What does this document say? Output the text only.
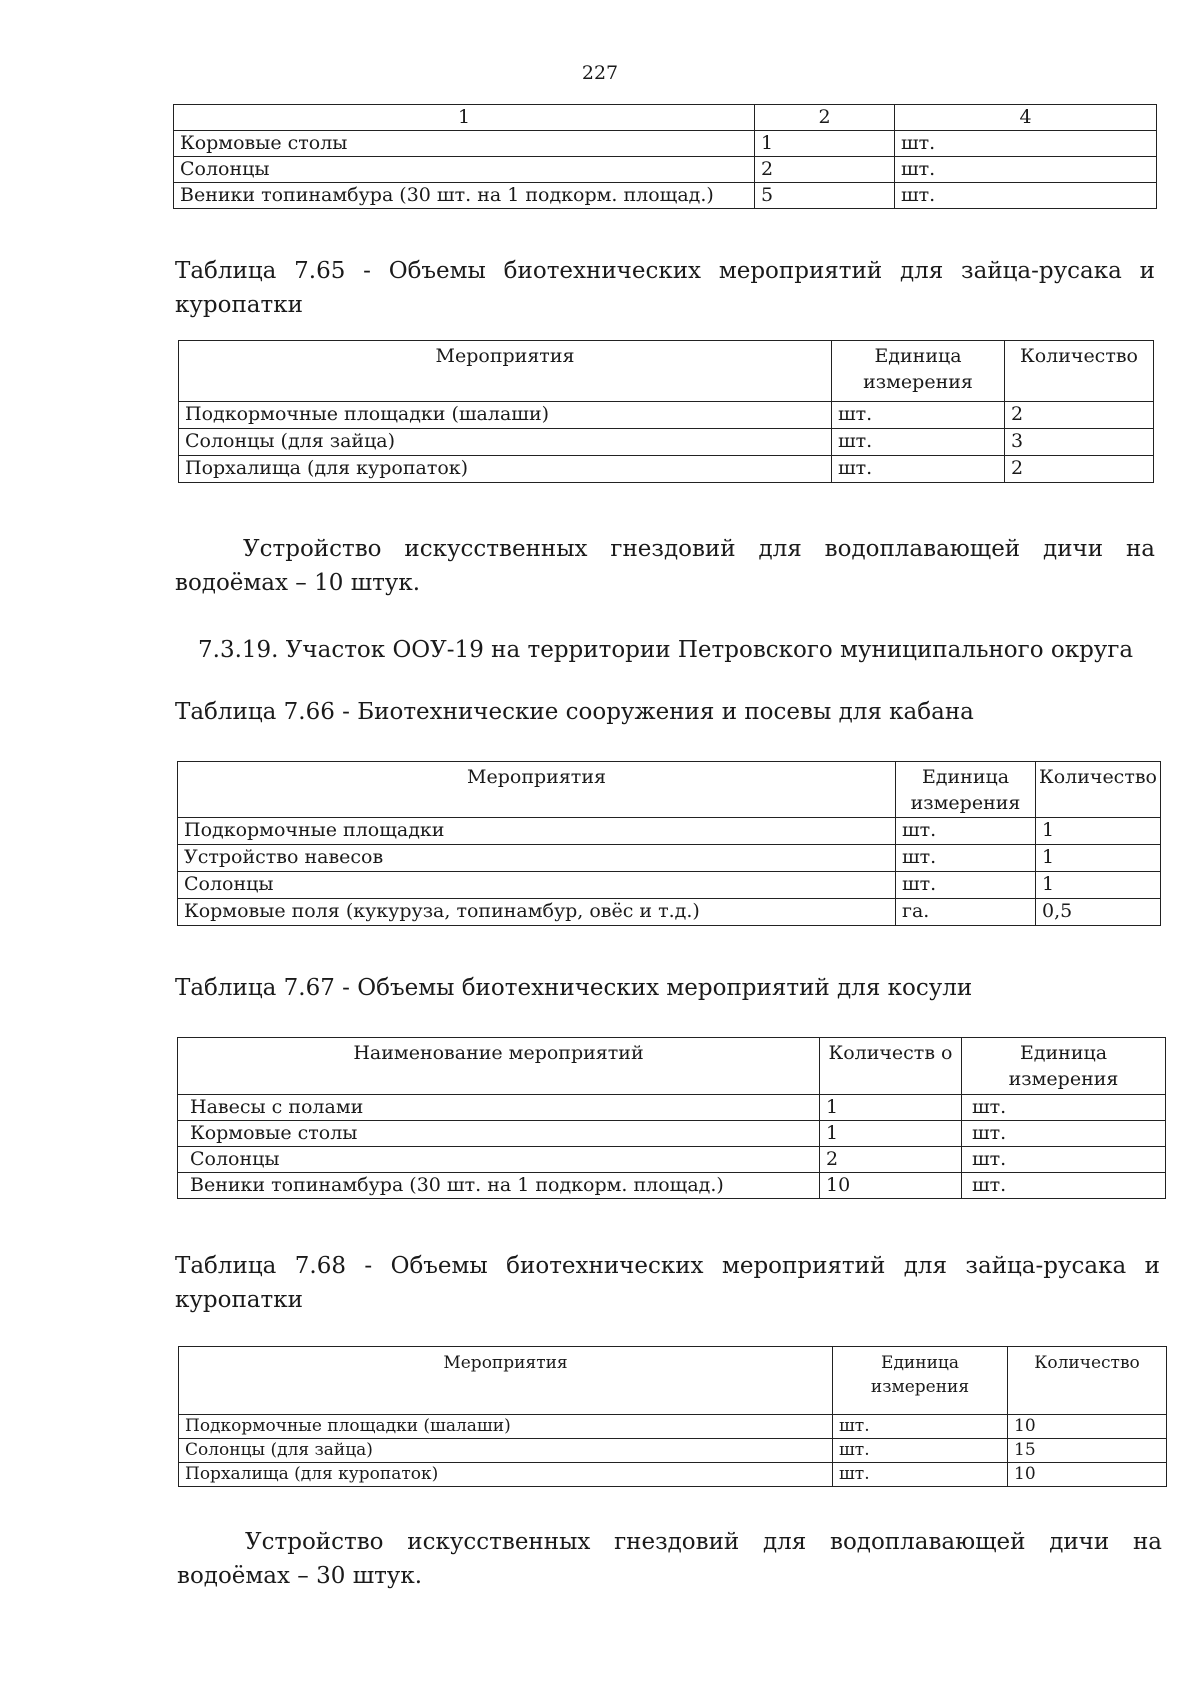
227
1	2	4
Кормовые столы	1	шт.
Солонцы	2	шт.
Веники топинамбура (30 шт. на 1 подкорм. площад.)	5	шт.
Таблица 7.65 - Объемы биотехнических мероприятий для зайца-русака и куропатки
Мероприятия	Единица измерения	Количество
Подкормочные площадки (шалаши)	шт.	2
Солонцы (для зайца)	шт.	3
Порхалища (для куропаток)	шт.	2
Устройство искусственных гнездовий для водоплавающей дичи на водоёмах – 10 штук.
7.3.19. Участок ООУ-19 на территории Петровского муниципального округа
Таблица 7.66 - Биотехнические сооружения и посевы для кабана
Мероприятия	Единица измерения	Количество
Подкормочные площадки	шт.	1
Устройство навесов	шт.	1
Солонцы	шт.	1
Кормовые поля (кукуруза, топинамбур, овёс и т.д.)	га.	0,5
Таблица 7.67 - Объемы биотехнических мероприятий для косули
Наименование мероприятий	Количеств о	Единица измерения
Навесы с полами	1	шт.
Кормовые столы	1	шт.
Солонцы	2	шт.
Веники топинамбура (30 шт. на 1 подкорм. площад.)	10	шт.
Таблица 7.68 - Объемы биотехнических мероприятий для зайца-русака и куропатки
Мероприятия	Единица измерения	Количество
Подкормочные площадки (шалаши)	шт.	10
Солонцы (для зайца)	шт.	15
Порхалища (для куропаток)	шт.	10
Устройство искусственных гнездовий для водоплавающей дичи на водоёмах – 30 штук.
